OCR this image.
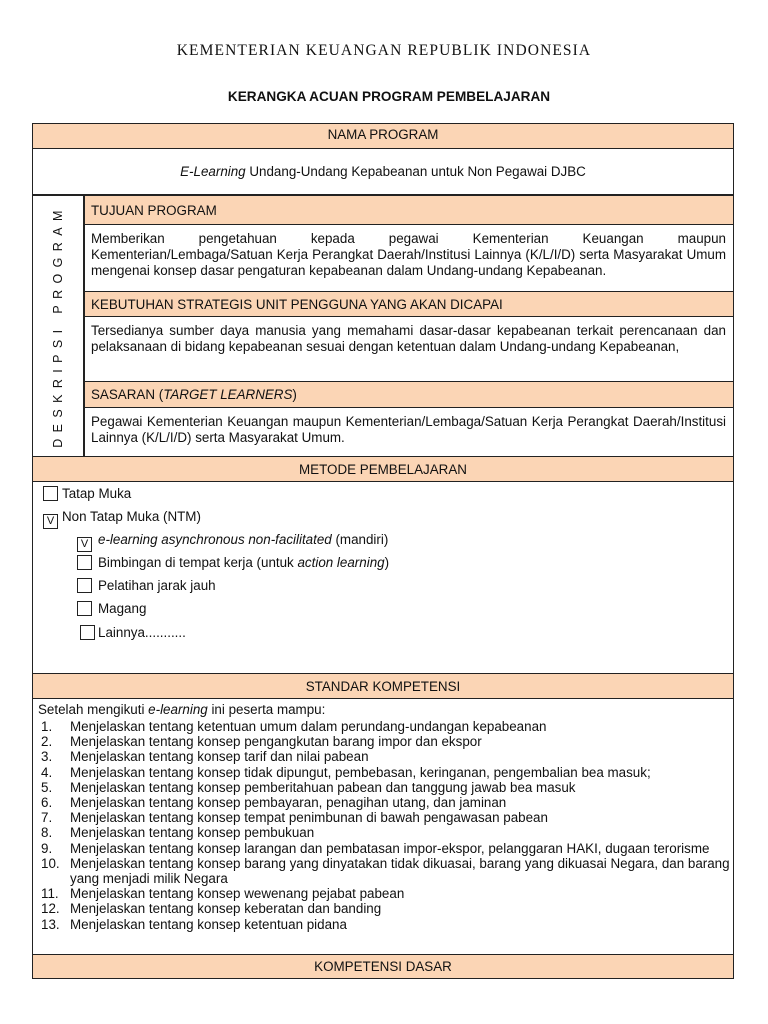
KEMENTERIAN KEUANGAN REPUBLIK INDONESIA
KERANGKA ACUAN PROGRAM PEMBELAJARAN
NAMA PROGRAM
E-Learning Undang-Undang Kepabeanan untuk Non Pegawai DJBC
DESKRIPSI PROGRAM	TUJUAN PROGRAM
Memberikan pengetahuan kepada pegawai Kementerian Keuangan maupun Kementerian/Lembaga/Satuan Kerja Perangkat Daerah/Institusi Lainnya (K/L/I/D) serta Masyarakat Umum mengenai konsep dasar pengaturan kepabeanan dalam Undang-undang Kepabeanan.
KEBUTUHAN STRATEGIS UNIT PENGGUNA YANG AKAN DICAPAI
Tersedianya sumber daya manusia yang memahami dasar-dasar kepabeanan terkait perencanaan dan pelaksanaan di bidang kepabeanan sesuai dengan ketentuan dalam Undang-undang Kepabeanan,
SASARAN (TARGET LEARNERS)
Pegawai Kementerian Keuangan maupun Kementerian/Lembaga/Satuan Kerja Perangkat Daerah/Institusi Lainnya (K/L/I/D) serta Masyarakat Umum.
METODE PEMBELAJARAN
Tatap Muka
V Non Tatap Muka (NTM)
V e-learning asynchronous non-facilitated (mandiri)
Bimbingan di tempat kerja (untuk action learning)
Pelatihan jarak jauh
Magang
Lainnya...........
STANDAR KOMPETENSI
Setelah mengikuti e-learning ini peserta mampu:
1. Menjelaskan tentang ketentuan umum dalam perundang-undangan kepabeanan
2. Menjelaskan tentang konsep pengangkutan barang impor dan ekspor
3. Menjelaskan tentang konsep tarif dan nilai pabean
4. Menjelaskan tentang konsep tidak dipungut, pembebasan, keringanan, pengembalian bea masuk;
5. Menjelaskan tentang konsep pemberitahuan pabean dan tanggung jawab bea masuk
6. Menjelaskan tentang konsep pembayaran, penagihan utang, dan jaminan
7. Menjelaskan tentang konsep tempat penimbunan di bawah pengawasan pabean
8. Menjelaskan tentang konsep pembukuan
9. Menjelaskan tentang konsep larangan dan pembatasan impor-ekspor, pelanggaran HAKI, dugaan terorisme
10. Menjelaskan tentang konsep barang yang dinyatakan tidak dikuasai, barang yang dikuasai Negara, dan barang yang menjadi milik Negara
11. Menjelaskan tentang konsep wewenang pejabat pabean
12. Menjelaskan tentang konsep keberatan dan banding
13. Menjelaskan tentang konsep ketentuan pidana
KOMPETENSI DASAR
